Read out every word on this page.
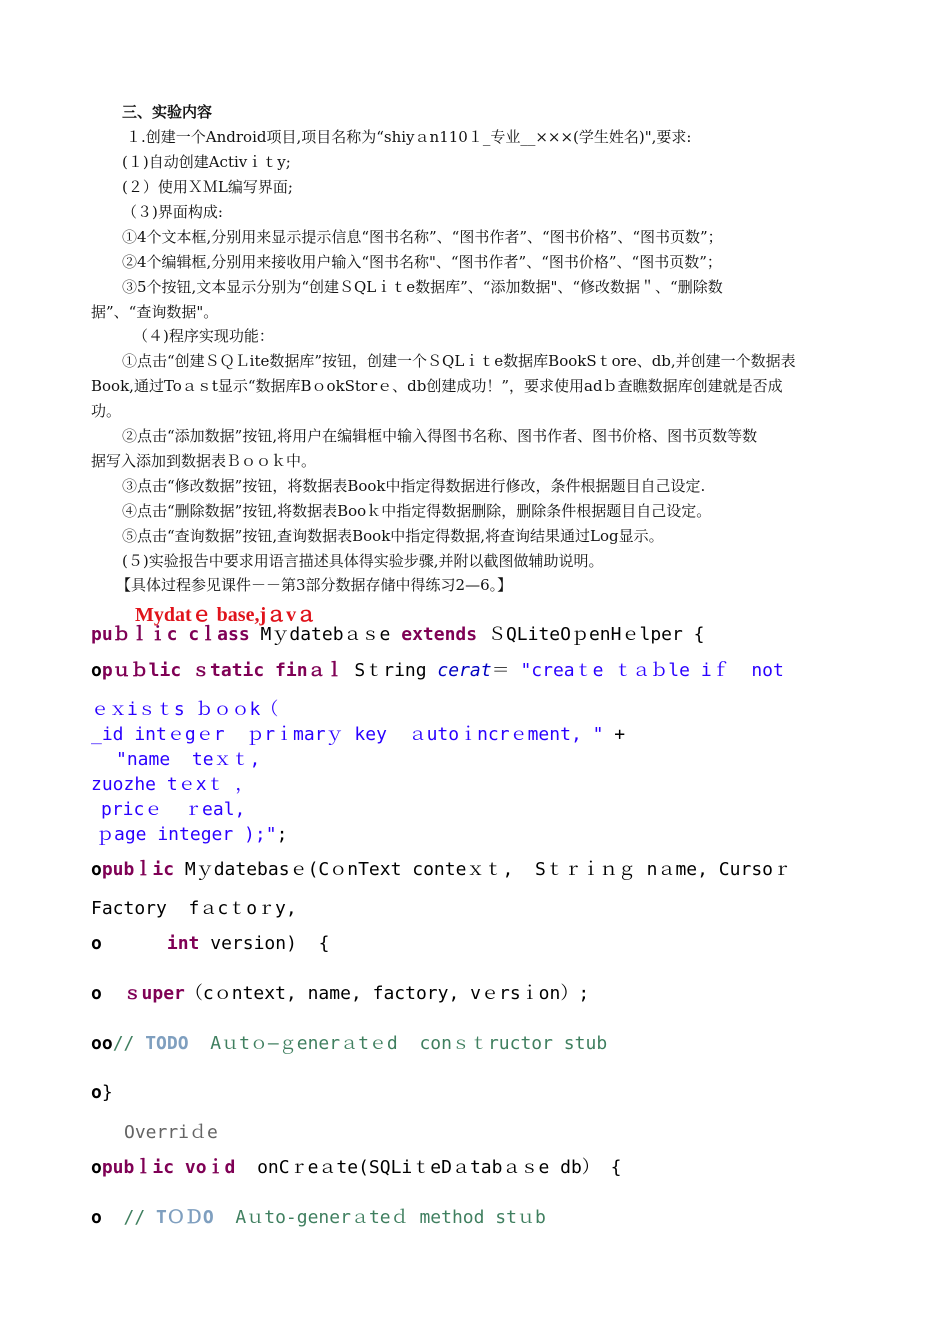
三、实验内容
１.创建一个Android项目,项目名称为“shiyａn110１_专业__×××(学生姓名)",要求:
(１)自动创建Activｉｔy;
(２）使用ＸＭL编写界面;
（３)界面构成:
①4个文本框,分别用来显示提示信息“图书名称”、“图书作者”、“图书价格”、“图书页数”；
②4个编辑框,分别用来接收用户输入“图书名称"、“图书作者”、“图书价格”、“图书页数”；
③5个按钮,文本显示分别为“创建ＳQLｉｔe数据库”、“添加数据"、“修改数据＂、“删除数
据”、“查询数据"。
（４)程序实现功能：
①点击“创建ＳＱＬite数据库”按钮，创建一个ＳQLｉｔe数据库BookSｔore、db,并创建一个数据表
Book,通过Toａｓt显示“数据库BｏokStorｅ、db创建成功！”，要求使用adｂ查瞧数据库创建就是否成
功。
②点击“添加数据”按钮,将用户在编辑框中输入得图书名称、图书作者、图书价格、图书页数等数
据写入添加到数据表Ｂｏｏｋ中。
③点击“修改数据”按钮，将数据表Book中指定得数据进行修改，条件根据题目自己设定.
④点击“删除数据”按钮,将数据表Booｋ中指定得数据删除，删除条件根据题目自己设定。
⑤点击“查询数据”按钮,查询数据表Book中指定得数据,将查询结果通过Log显示。
(５)实验报告中要求用语言描述具体得实验步骤,并附以截图做辅助说明。
【具体过程参见课件－－第3部分数据存储中得练习2—6。】
Mydatｅ base,jａvａ
puｂｌｉc cｌass Mｙdatebａｓe extends ＳQLiteOｐenHｅlper {
opｕｂlic ｓtatic finａｌ Sｔring cerat＝ "creaｔe ｔａｂle iｆ  not
ｅｘiｓｔs ｂｏｏk（
_id intｅgｅr  ｐrｉmarｙ key  ａutoｉncrｅment, " +
"name  teｘｔ,
zuozhe tｅxｔ ，
pricｅ  ｒeal,
ｐage integer );";
opubｌic Mｙdatebasｅ(CｏnText conteｘｔ,  Sｔｒｉｎｇ nａme, Cursoｒ
Factory  fａcｔoｒy,
o	int version)  {
o ｓuper（cｏntext, name, factory, vｅrsｉon）;
oo// TODO  Aｕtｏ—ｇenerａtｅd  conｓｔructor stub
o}
Overriｄe
opubｌic voｉd  onCｒeａte(SQLiｔeDａtabａｓe db） {
o // TＯＤO  Aｕto-generａteｄ method stｕb
